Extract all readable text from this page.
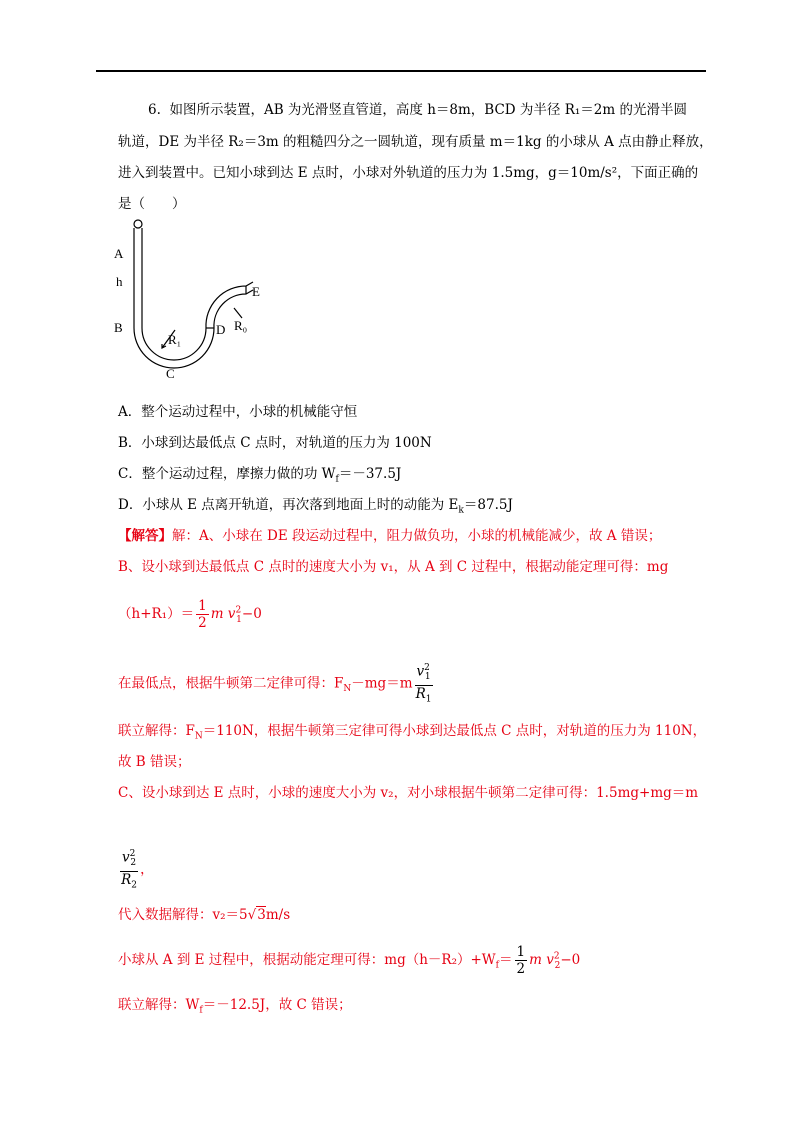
6.  如图所示装置，AB 为光滑竖直管道，高度 h＝8m，BCD 为半径 R₁＝2m 的光滑半圆
轨道，DE 为半径 R₂＝3m 的粗糙四分之一圆轨道，现有质量 m＝1kg 的小球从 A 点由静止释放，
进入到装置中。已知小球到达 E 点时，小球对外轨道的压力为 1.5mg，g＝10m/s²，下面正确的
是（　　）
A
h
B
C
D
E
R₁
R₀
A．整个运动过程中，小球的机械能守恒
B．小球到达最低点 C 点时，对轨道的压力为 100N
C．整个运动过程，摩擦力做的功 $W_f=-37.5J$
D．小球从 E 点离开轨道，再次落到地面上时的动能为 $E_k=87.5J$
【解答】解：A、小球在 DE 段运动过程中，阻力做负功，小球的机械能减少，故 A 错误；
B、设小球到达最低点 C 点时的速度大小为 v₁，从 A 到 C 过程中，根据动能定理可得：mg
$(h+R_1)= \frac{1}{2}$ m $v^2_1-0$
在最低点，根据牛顿第二定律可得：$F_N-mg=m \frac{v^2_1}{R_1}$
联立解得：$F_N=110N$，根据牛顿第三定律可得小球到达最低点 C 点时，对轨道的压力为 110N，
故 B 错误；
C、设小球到达 E 点时，小球的速度大小为 v₂，对小球根据牛顿第二定律可得：1.5mg+mg＝m
$\frac{v^2_2}{R_2}$ ，
代入数据解得：v₂＝5√3m/s
小球从 A 到 E 过程中，根据动能定理可得：$mg(h-R_2)+W_f= \frac{1}{2}$ m $v^2_2-0$
联立解得：$W_f=-12.5J$，故 C 错误；
